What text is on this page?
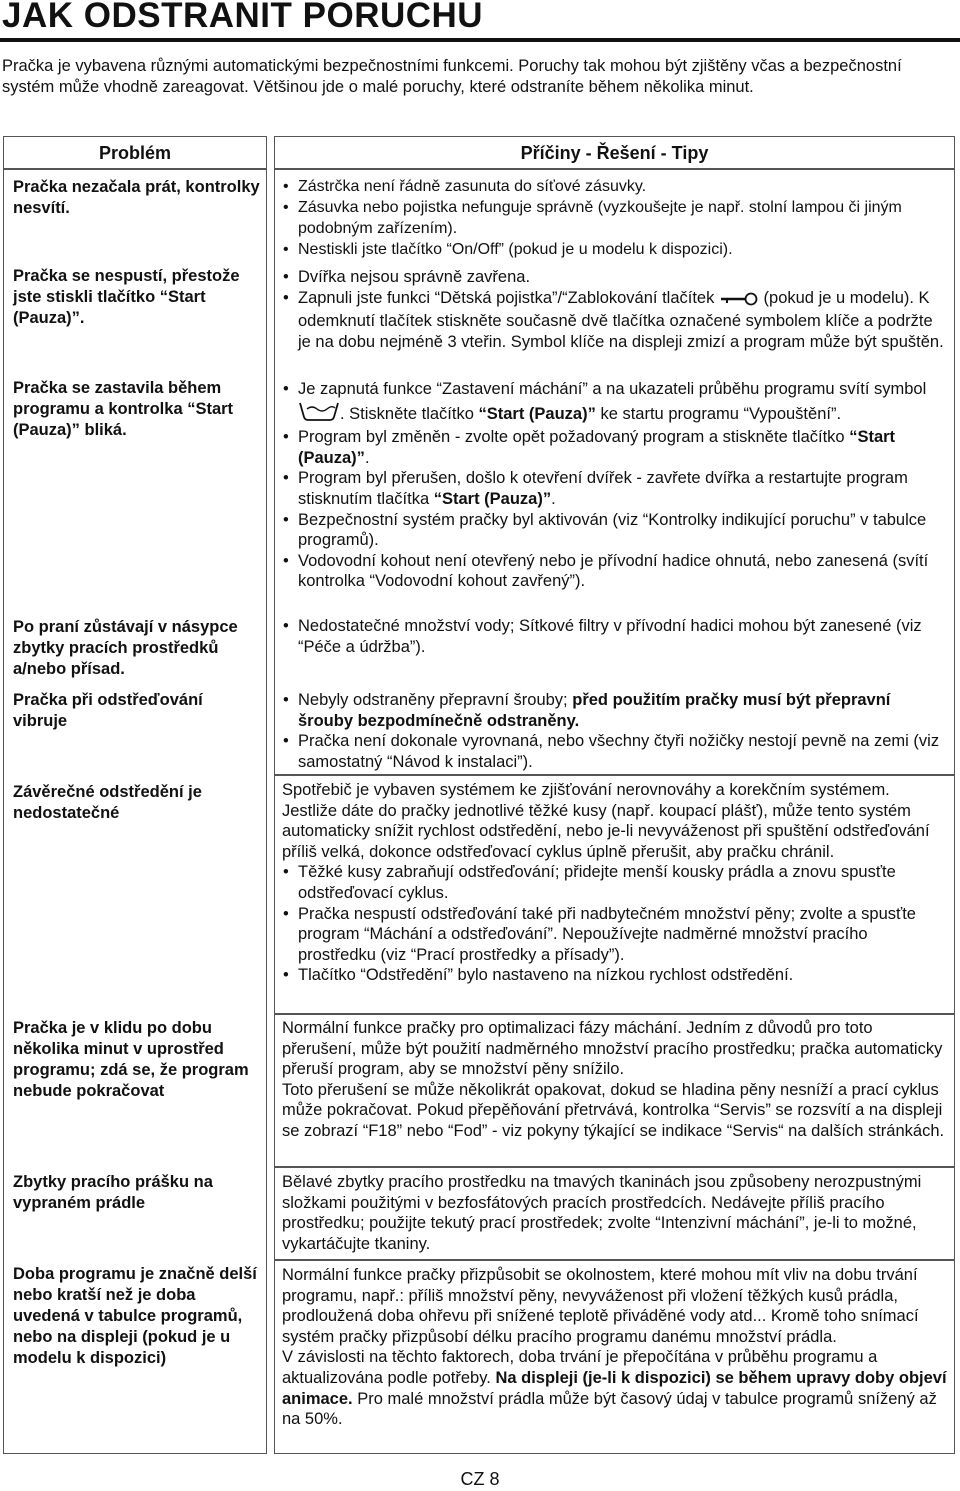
JAK ODSTRANIT PORUCHU
Pračka je vybavena různými automatickými bezpečnostními funkcemi. Poruchy tak mohou být zjištěny včas a bezpečnostní systém může vhodně zareagovat. Většinou jde o malé poruchy, které odstraníte během několika minut.
Problém	Příčiny - Řešení - Tipy
Pračka nezačala prát, kontrolky nesvítí.
• Zástrčka není řádně zasunuta do síťové zásuvky.
• Zásuvka nebo pojistka nefunguje správně (vyzkoušejte je např. stolní lampou či jiným podobným zařízením).
• Nestiskli jste tlačítko “On/Off” (pokud je u modelu k dispozici).
Pračka se nespustí, přestože jste stiskli tlačítko “Start (Pauza)”.
• Dvířka nejsou správně zavřena.
• Zapnuli jste funkci “Dětská pojistka”/“Zablokování tlačítek	(pokud je u modelu). K odemknutí tlačítek stiskněte současně dvě tlačítka označené symbolem klíče a podržte je na dobu nejméně 3 vteřin. Symbol klíče na displeji zmizí a program může být spuštěn.
Pračka se zastavila během programu a kontrolka “Start (Pauza)” bliká.
• Je zapnutá funkce “Zastavení máchání” a na ukazateli průběhu programu svítí symbol . Stiskněte tlačítko “Start (Pauza)” ke startu programu “Vypouštění”.
• Program byl změněn - zvolte opět požadovaný program a stiskněte tlačítko “Start (Pauza)”.
• Program byl přerušen, došlo k otevření dvířek - zavřete dvířka a restartujte program stisknutím tlačítka “Start (Pauza)”.
• Bezpečnostní systém pračky byl aktivován (viz “Kontrolky indikující poruchu” v tabulce programů).
• Vodovodní kohout není otevřený nebo je přívodní hadice ohnutá, nebo zanesená (svítí kontrolka “Vodovodní kohout zavřený”).
Po praní zůstávají v násypce zbytky pracích prostředků a/nebo přísad.
• Nedostatečné množství vody; Sítkové filtry v přívodní hadici mohou být zanesené (viz “Péče a údržba”).
Pračka při odstřeďování vibruje
• Nebyly odstraněny přepravní šrouby; před použitím pračky musí být přepravní šrouby bezpodmínečně odstraněny.
• Pračka není dokonale vyrovnaná, nebo všechny čtyři nožičky nestojí pevně na zemi (viz samostatný “Návod k instalaci”).
Závěrečné odstředění je nedostatečné

Spotřebič je vybaven systémem ke zjišťování nerovnováhy a korekčním systémem. Jestliže dáte do pračky jednotlivé těžké kusy (např. koupací plášť), může tento systém automaticky snížit rychlost odstředění, nebo je-li nevyváženost při spuštění odstřeďování příliš velká, dokonce odstřeďovací cyklus úplně přerušit, aby pračku chránil.

• Těžké kusy zabraňují odstřeďování; přidejte menší kousky prádla a znovu spusťte odstřeďovací cyklus.
• Pračka nespustí odstřeďování také při nadbytečném množství pěny; zvolte a spusťte program “Máchání a odstřeďování”. Nepoužívejte nadměrné množství pracího prostředku (viz “Prací prostředky a přísady”).
• Tlačítko “Odstředění” bylo nastaveno na nízkou rychlost odstředění.
Pračka je v klidu po dobu několika minut v uprostřed programu; zdá se, že program nebude pokračovat

Normální funkce pračky pro optimalizaci fázy máchání. Jedním z důvodů pro toto přerušení, může být použití nadměrného množství pracího prostředku; pračka automaticky přeruší program, aby se množství pěny snížilo.

Toto přerušení se může několikrát opakovat, dokud se hladina pěny nesníží a prací cyklus může pokračovat. Pokud přepěňování přetrvává, kontrolka “Servis” se rozsvítí a na displeji se zobrazí “F18” nebo “Fod” - viz pokyny týkající se indikace “Servis“ na dalších stránkách.

Zbytky pracího prášku na vypraném prádle

Bělavé zbytky pracího prostředku na tmavých tkaninách jsou způsobeny nerozpustnými složkami použitými v bezfosfátových pracích prostředcích. Nedávejte příliš pracího prostředku; použijte tekutý prací prostředek; zvolte “Intenzivní máchání”, je-li to možné, vykartáčujte tkaniny.

Doba programu je značně delší nebo kratší než je doba uvedená v tabulce programů, nebo na displeji (pokud je u modelu k dispozici)

Normální funkce pračky přizpůsobit se okolnostem, které mohou mít vliv na dobu trvání programu, např.: příliš množství pěny, nevyváženost při vložení těžkých kusů prádla, prodloužená doba ohřevu při snížené teplotě přiváděné vody atd... Kromě toho snímací systém pračky přizpůsobí délku pracího programu danému množství prádla.

V závislosti na těchto faktorech, doba trvání je přepočítána v průběhu programu a aktualizována podle potřeby. Na displeji (je-li k dispozici) se během upravy doby objeví animace. Pro malé množství prádla může být časový údaj v tabulce programů snížený až na 50%.

CZ 8
